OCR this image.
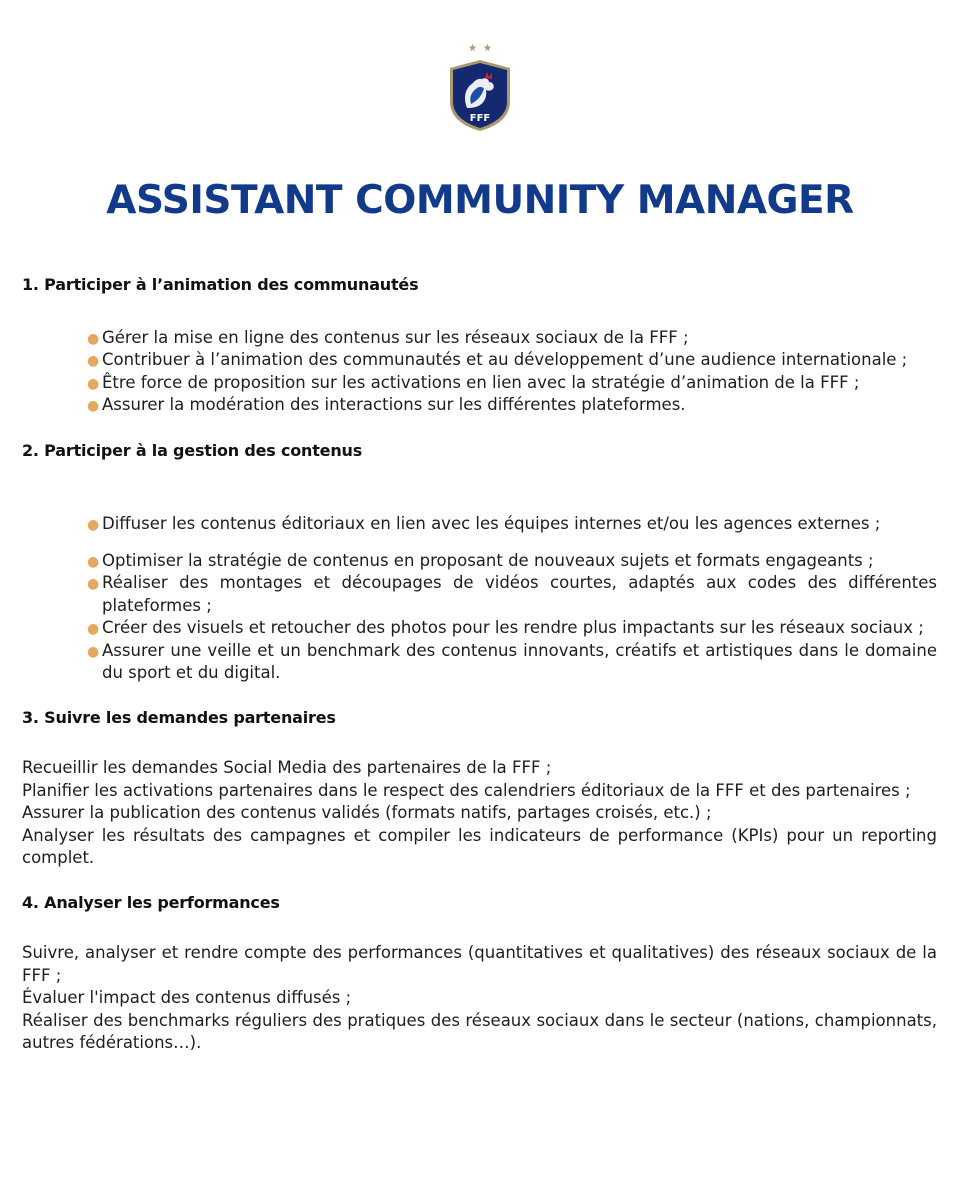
★★
FFF
ASSISTANT COMMUNITY MANAGER
1. Participer à l’animation des communautés
● Gérer la mise en ligne des contenus sur les réseaux sociaux de la FFF ;
● Contribuer à l’animation des communautés et au développement d’une audience internationale ;
● Être force de proposition sur les activations en lien avec la stratégie d’animation de la FFF ;
● Assurer la modération des interactions sur les différentes plateformes.
2. Participer à la gestion des contenus
● Diffuser les contenus éditoriaux en lien avec les équipes internes et/ou les agences externes ;
● Optimiser la stratégie de contenus en proposant de nouveaux sujets et formats engageants ;
● Réaliser des montages et découpages de vidéos courtes, adaptés aux codes des différentes plateformes ;
● Créer des visuels et retoucher des photos pour les rendre plus impactants sur les réseaux sociaux ;
● Assurer une veille et un benchmark des contenus innovants, créatifs et artistiques dans le domaine du sport et du digital.
3. Suivre les demandes partenaires

Recueillir les demandes Social Media des partenaires de la FFF ;

Planifier les activations partenaires dans le respect des calendriers éditoriaux de la FFF et des partenaires ;

Assurer la publication des contenus validés (formats natifs, partages croisés, etc.) ;

Analyser les résultats des campagnes et compiler les indicateurs de performance (KPIs) pour un reporting complet.

4. Analyser les performances

Suivre, analyser et rendre compte des performances (quantitatives et qualitatives) des réseaux sociaux de la FFF ;

Évaluer l'impact des contenus diffusés ;

Réaliser des benchmarks réguliers des pratiques des réseaux sociaux dans le secteur (nations, championnats, autres fédérations…).
